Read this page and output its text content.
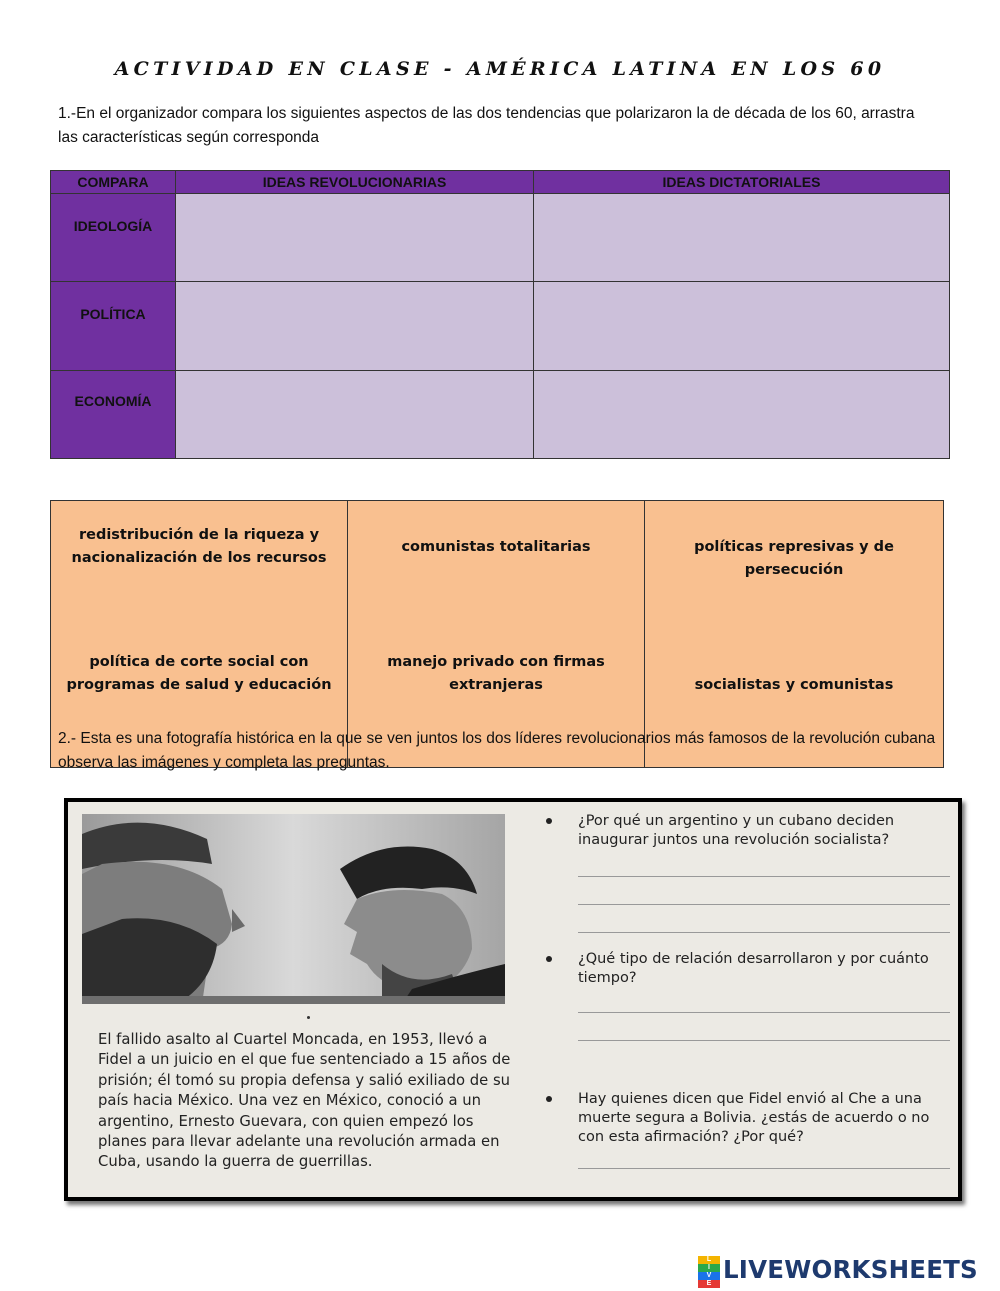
ACTIVIDAD EN CLASE - AMÉRICA LATINA EN LOS 60
1.-En el organizador compara los siguientes aspectos de las dos tendencias que polarizaron la de década de los 60, arrastra las características según corresponda
COMPARA	IDEAS REVOLUCIONARIAS	IDEAS DICTATORIALES
IDEOLOGÍA		
POLÍTICA		
ECONOMÍA		
redistribución de la riqueza y nacionalización de los recursos	comunistas totalitarias	políticas represivas y de persecución
política de corte social con programas de salud y educación	manejo privado con firmas extranjeras	socialistas y comunistas
2.- Esta es una fotografía histórica en la que se ven juntos los dos líderes revolucionarios más famosos de la revolución cubana observa las imágenes y completa las preguntas.
El fallido asalto al Cuartel Moncada, en 1953, llevó a Fidel a un juicio en el que fue sentenciado a 15 años de prisión; él tomó su propia defensa y salió exiliado de su país hacia México. Una vez en México, conoció a un argentino, Ernesto Guevara, con quien empezó los planes para llevar adelante una revolución armada en Cuba, usando la guerra de guerrillas.
¿Por qué un argentino y un cubano deciden inaugurar juntos una revolución socialista?
¿Qué tipo de relación desarrollaron y por cuánto tiempo?
Hay quienes dicen que Fidel envió al Che a una muerte segura a Bolivia. ¿estás de acuerdo o no con esta afirmación? ¿Por qué?
L
I
V
E LIVEWORKSHEETS
